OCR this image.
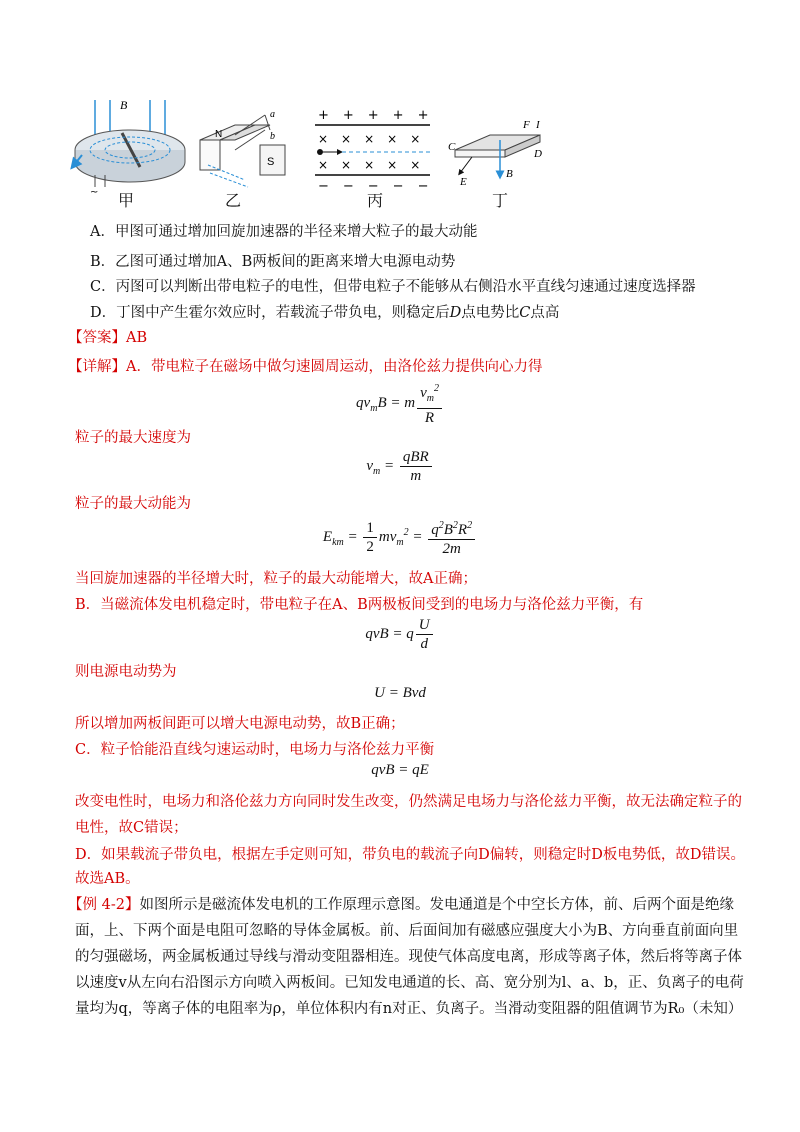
B
~
N
S
a
b
+++++
×××××
×××××
−−−−−
F I
C
D
E
B
甲	乙	丙	丁
A．甲图可通过增加回旋加速器的半径来增大粒子的最大动能
B．乙图可通过增加A、B两板间的距离来增大电源电动势
C．丙图可以判断出带电粒子的电性，但带电粒子不能够从右侧沿水平直线匀速通过速度选择器
D．丁图中产生霍尔效应时，若载流子带负电，则稳定后D点电势比C点高
【答案】AB
【详解】A．带电粒子在磁场中做匀速圆周运动，由洛伦兹力提供向心力得
$qv_mB = m \frac{v_m^2}{R}$
粒子的最大速度为
$v_m = \frac{\text{qBR}}{m}$
粒子的最大动能为
$E_{km} = \frac{1}{2} mv_m^2 = \frac{q^2B^2R^2}{2m}$
当回旋加速器的半径增大时，粒子的最大动能增大，故A正确；
B．当磁流体发电机稳定时，带电粒子在A、B两极板间受到的电场力与洛伦兹力平衡，有
qvB = q $\frac{U}{d}$
则电源电动势为
U = Bvd
所以增加两板间距可以增大电源电动势，故B正确；
C．粒子恰能沿直线匀速运动时，电场力与洛伦兹力平衡
qvB = qE
改变电性时，电场力和洛伦兹力方向同时发生改变，仍然满足电场力与洛伦兹力平衡，故无法确定粒子的
电性，故C错误；
D．如果载流子带负电，根据左手定则可知，带负电的载流子向D偏转，则稳定时D板电势低，故D错误。
故选AB。
【例 4-2】如图所示是磁流体发电机的工作原理示意图。发电通道是个中空长方体，前、后两个面是绝缘
面，上、下两个面是电阻可忽略的导体金属板。前、后面间加有磁感应强度大小为B、方向垂直前面向里
的匀强磁场，两金属板通过导线与滑动变阻器相连。现使气体高度电离，形成等离子体，然后将等离子体
以速度v从左向右沿图示方向喷入两板间。已知发电通道的长、高、宽分别为l、a、b，正、负离子的电荷
量均为q，等离子体的电阻率为ρ，单位体积内有n对正、负离子。当滑动变阻器的阻值调节为R₀（未知）
